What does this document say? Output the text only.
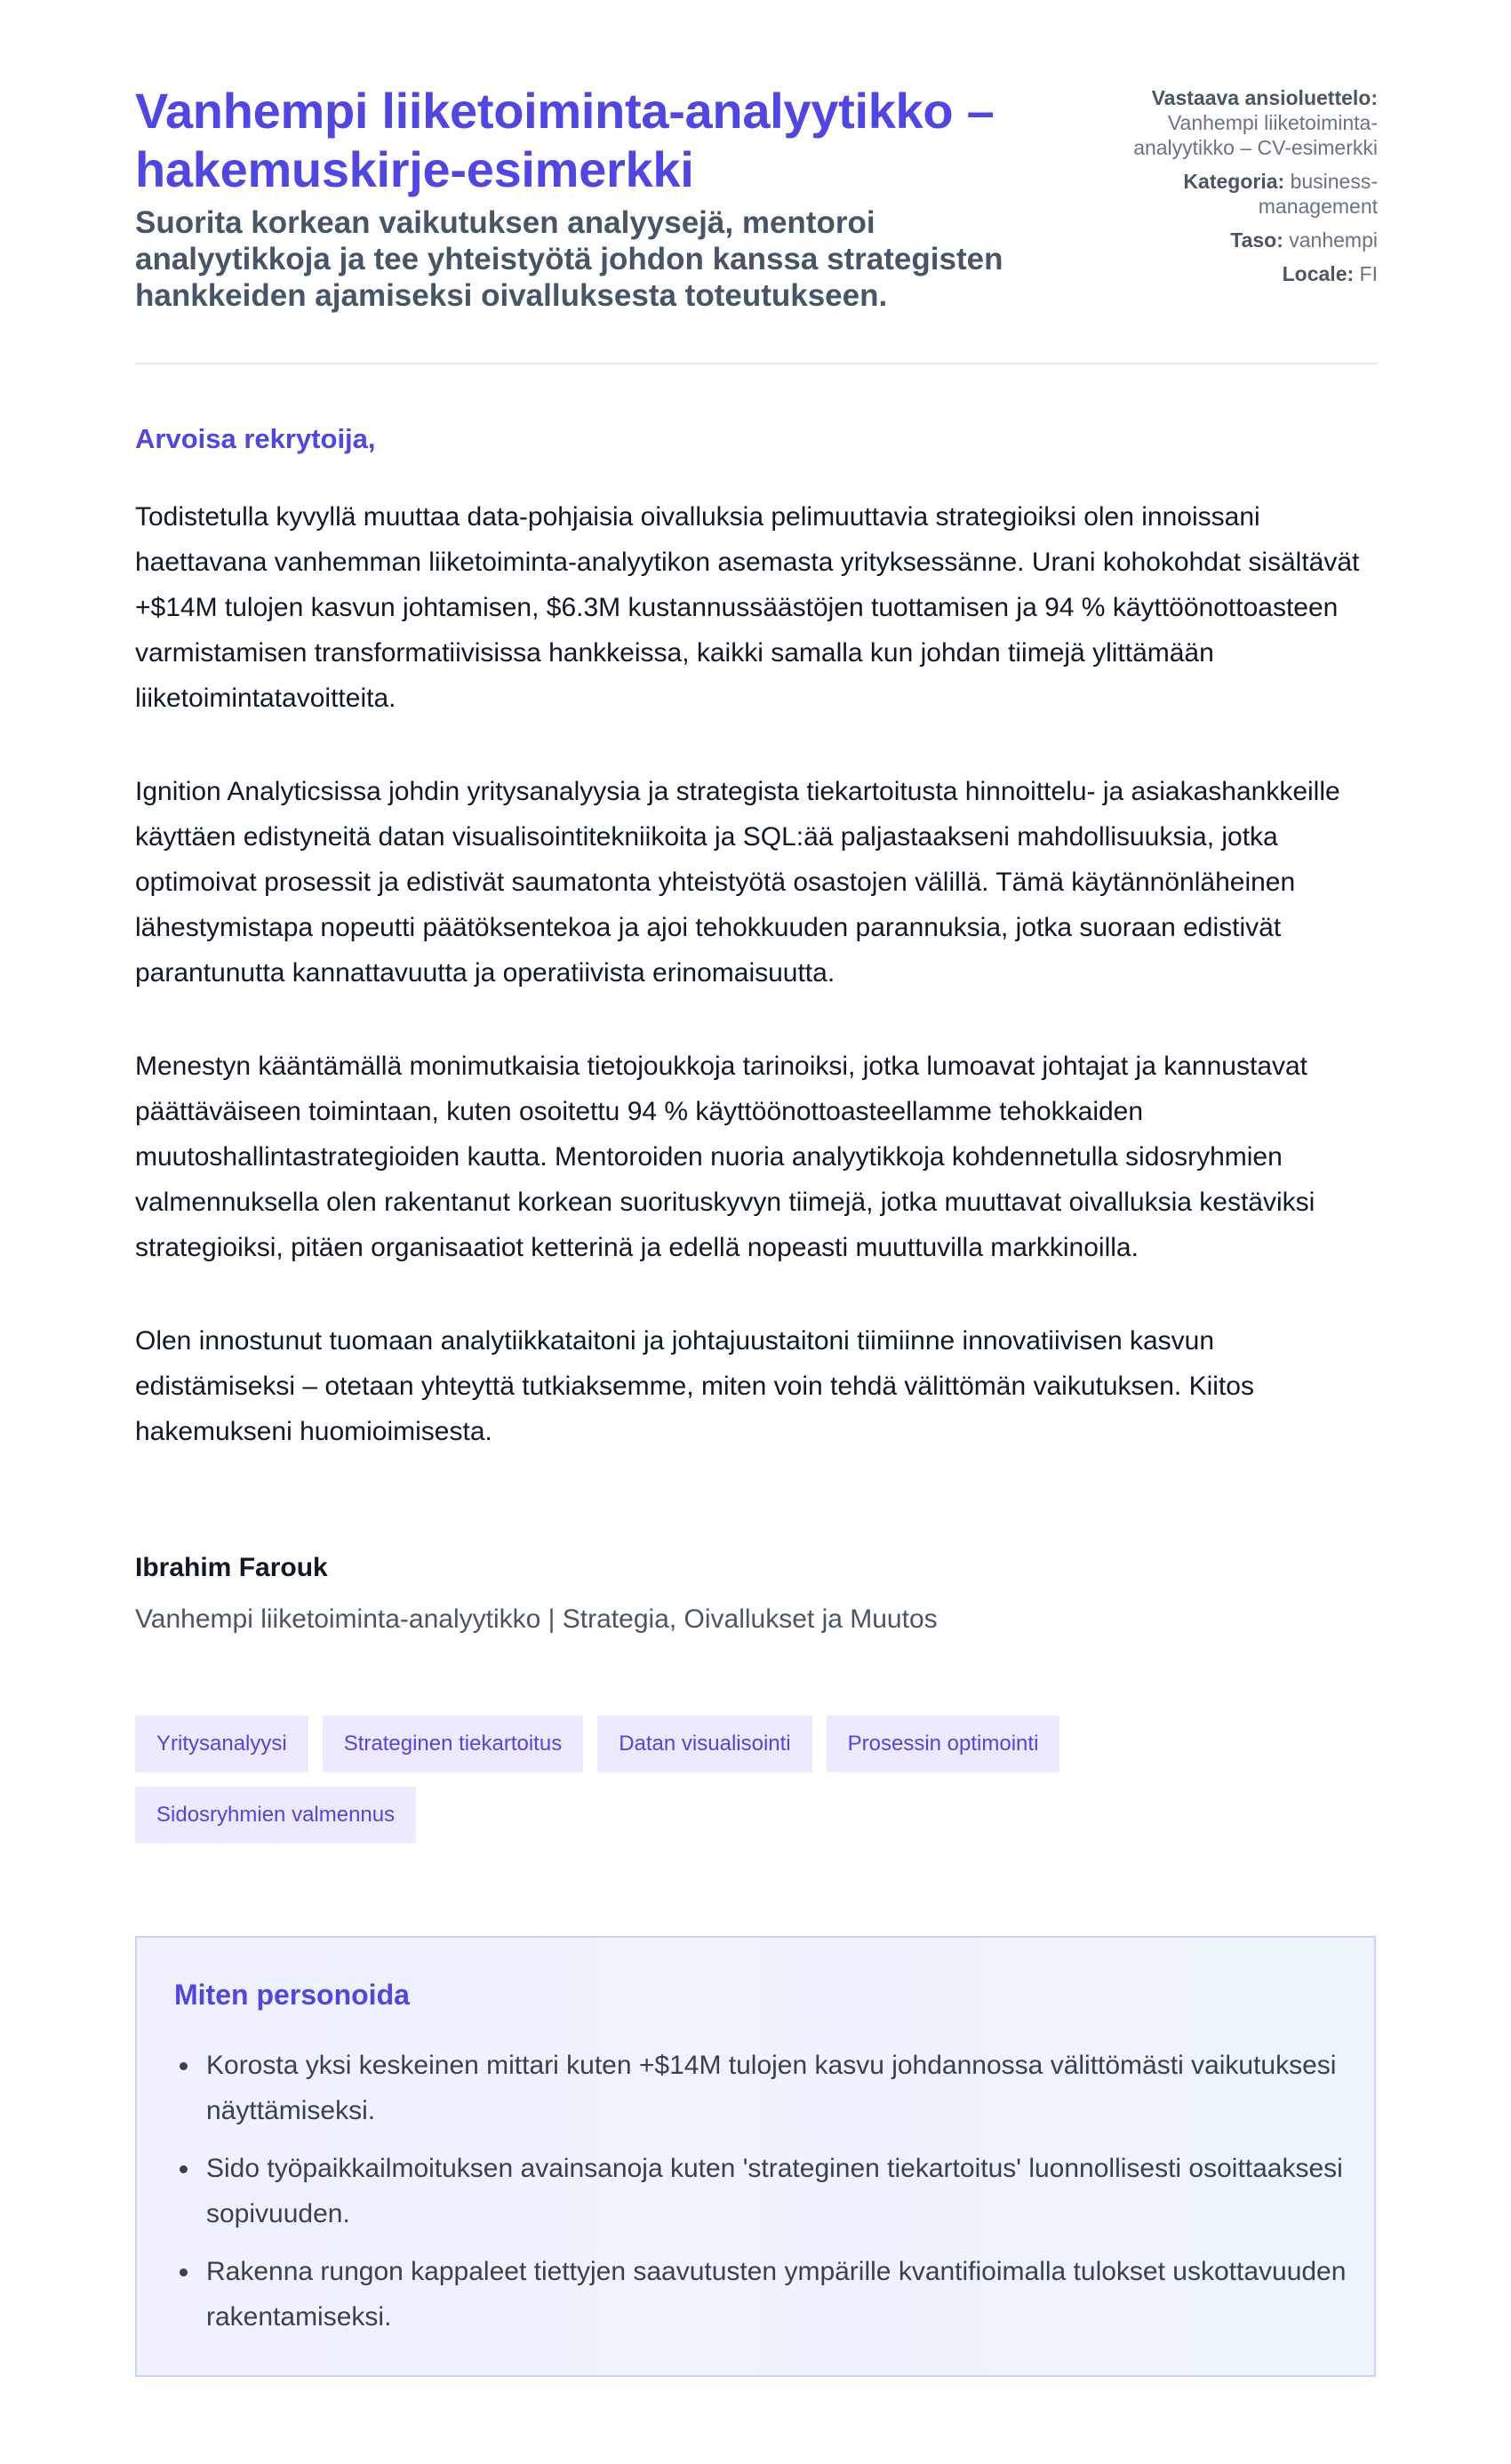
Vanhempi liiketoiminta-analyytikko – hakemuskirje-esimerkki

Suorita korkean vaikutuksen analyysejä, mentoroi analyytikkoja ja tee yhteistyötä johdon kanssa strategisten hankkeiden ajamiseksi oivalluksesta toteutukseen.

Vastaava ansioluettelo:
Vanhempi liiketoiminta-analyytikko – CV-esimerkki
Kategoria: business-management
Taso: vanhempi
Locale: FI

Arvoisa rekrytoija,

Todistetulla kyvyllä muuttaa data-pohjaisia oivalluksia pelimuuttavia strategioiksi olen innoissani haettavana vanhemman liiketoiminta-analyytikon asemasta yrityksessänne. Urani kohokohdat sisältävät +$14M tulojen kasvun johtamisen, $6.3M kustannussäästöjen tuottamisen ja 94 % käyttöönottoasteen varmistamisen transformatiivisissa hankkeissa, kaikki samalla kun johdan tiimejä ylittämään liiketoimintatavoitteita.

Ignition Analyticsissa johdin yritysanalyysia ja strategista tiekartoitusta hinnoittelu- ja asiakashankkeille käyttäen edistyneitä datan visualisointitekniikoita ja SQL:ää paljastaakseni mahdollisuuksia, jotka optimoivat prosessit ja edistivät saumatonta yhteistyötä osastojen välillä. Tämä käytännönläheinen lähestymistapa nopeutti päätöksentekoa ja ajoi tehokkuuden parannuksia, jotka suoraan edistivät parantunutta kannattavuutta ja operatiivista erinomaisuutta.

Menestyn kääntämällä monimutkaisia tietojoukkoja tarinoiksi, jotka lumoavat johtajat ja kannustavat päättäväiseen toimintaan, kuten osoitettu 94 % käyttöönottoasteellamme tehokkaiden muutoshallintastrategioiden kautta. Mentoroiden nuoria analyytikkoja kohdennetulla sidosryhmien valmennuksella olen rakentanut korkean suorituskyvyn tiimejä, jotka muuttavat oivalluksia kestäviksi strategioiksi, pitäen organisaatiot ketterinä ja edellä nopeasti muuttuvilla markkinoilla.

Olen innostunut tuomaan analytiikkataitoni ja johtajuustaitoni tiimiinne innovatiivisen kasvun edistämiseksi – otetaan yhteyttä tutkiaksemme, miten voin tehdä välittömän vaikutuksen. Kiitos hakemukseni huomioimisesta.

Ibrahim Farouk

Vanhempi liiketoiminta-analyytikko | Strategia, Oivallukset ja Muutos

Yritysanalyysi	Strateginen tiekartoitus	Datan visualisointi	Prosessin optimointi
Sidosryhmien valmennus
Miten personoida
Korosta yksi keskeinen mittari kuten +$14M tulojen kasvu johdannossa välittömästi vaikutuksesi näyttämiseksi.
Sido työpaikkailmoituksen avainsanoja kuten 'strateginen tiekartoitus' luonnollisesti osoittaaksesi sopivuuden.
Rakenna rungon kappaleet tiettyjen saavutusten ympärille kvantifioimalla tulokset uskottavuuden rakentamiseksi.
